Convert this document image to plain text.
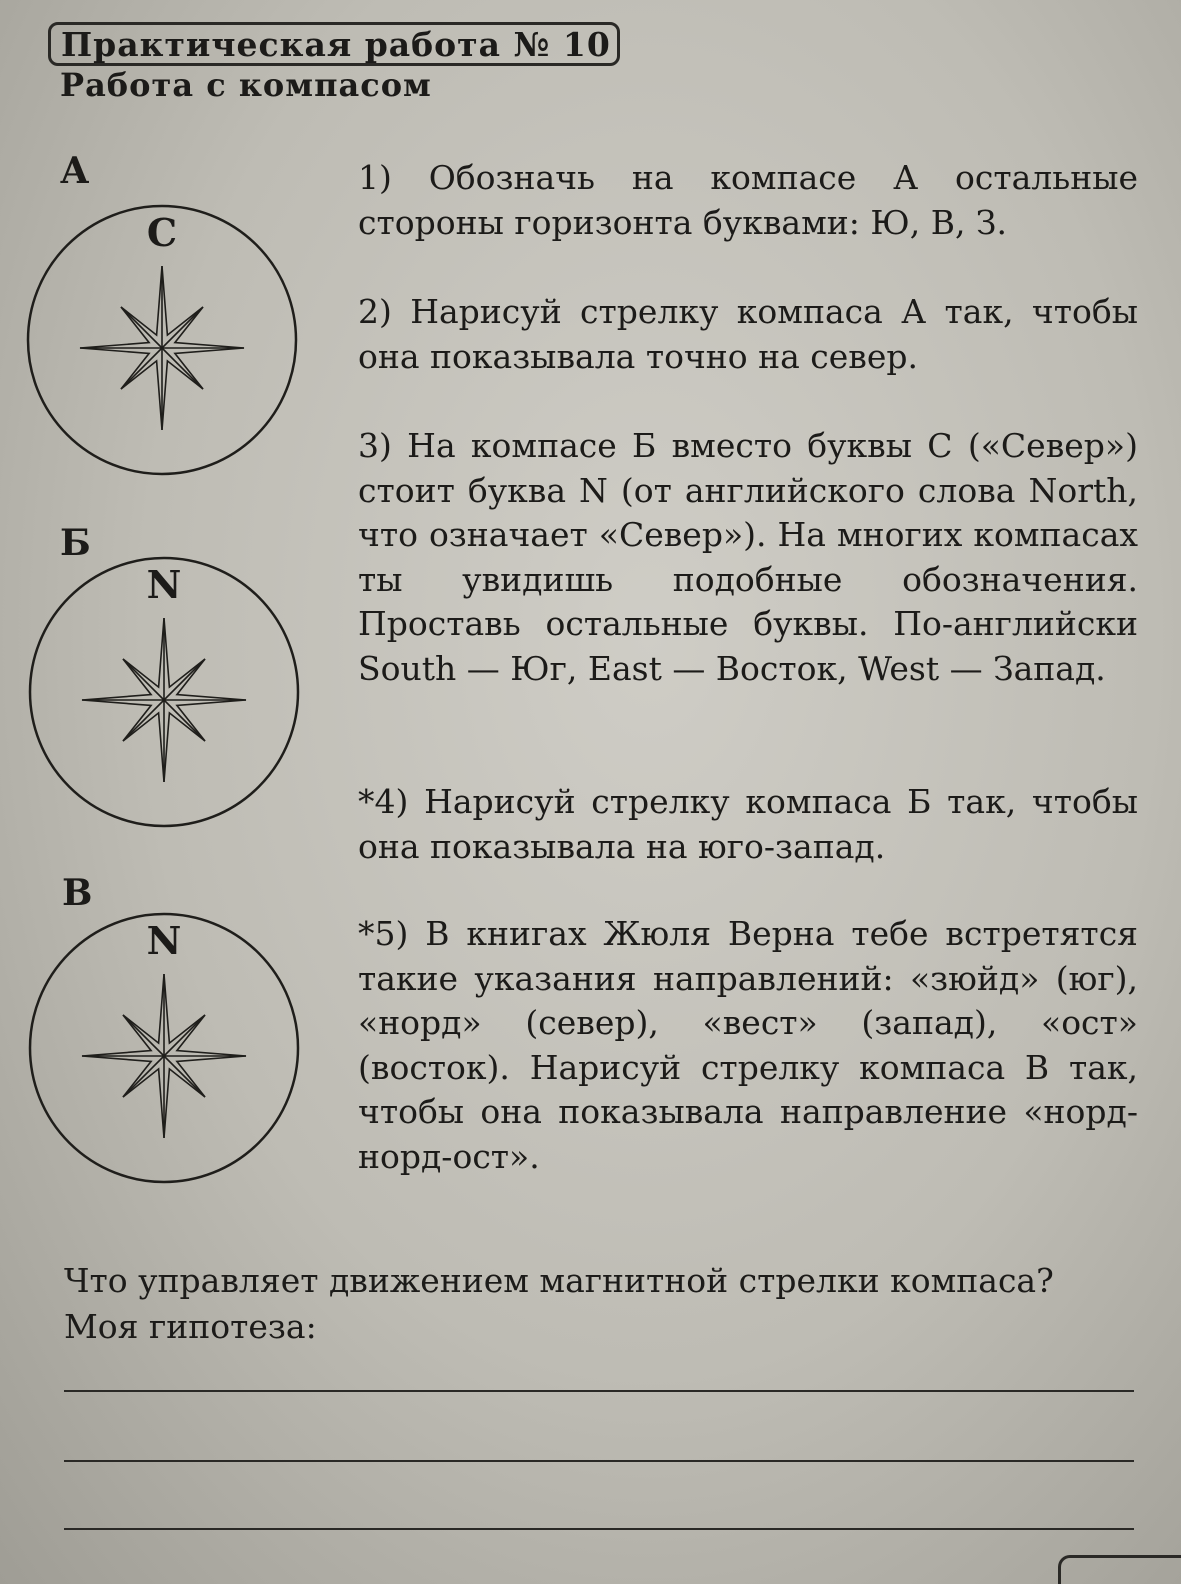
Практическая работа № 10
Работа с компасом
А
С
Б
N
В
N
1) Обозначь на компасе А остальные стороны горизонта буквами: Ю, В, З.
2) Нарисуй стрелку компаса А так, чтобы она показывала точно на север.
3) На компасе Б вместо буквы С («Север») стоит буква N (от английского слова North, что означает «Север»). На многих компасах ты увидишь подобные обозначения. Проставь остальные буквы. По-английски South — Юг, East — Восток, West — Запад.
*4) Нарисуй стрелку компаса Б так, чтобы она показывала на юго-запад.
*5) В книгах Жюля Верна тебе встретятся такие указания направлений: «зюйд» (юг), «норд» (север), «вест» (запад), «ост» (восток). Нарисуй стрелку компаса В так, чтобы она показывала направление «норд-норд-ост».
Что управляет движением магнитной стрелки компаса? Моя гипотеза:
